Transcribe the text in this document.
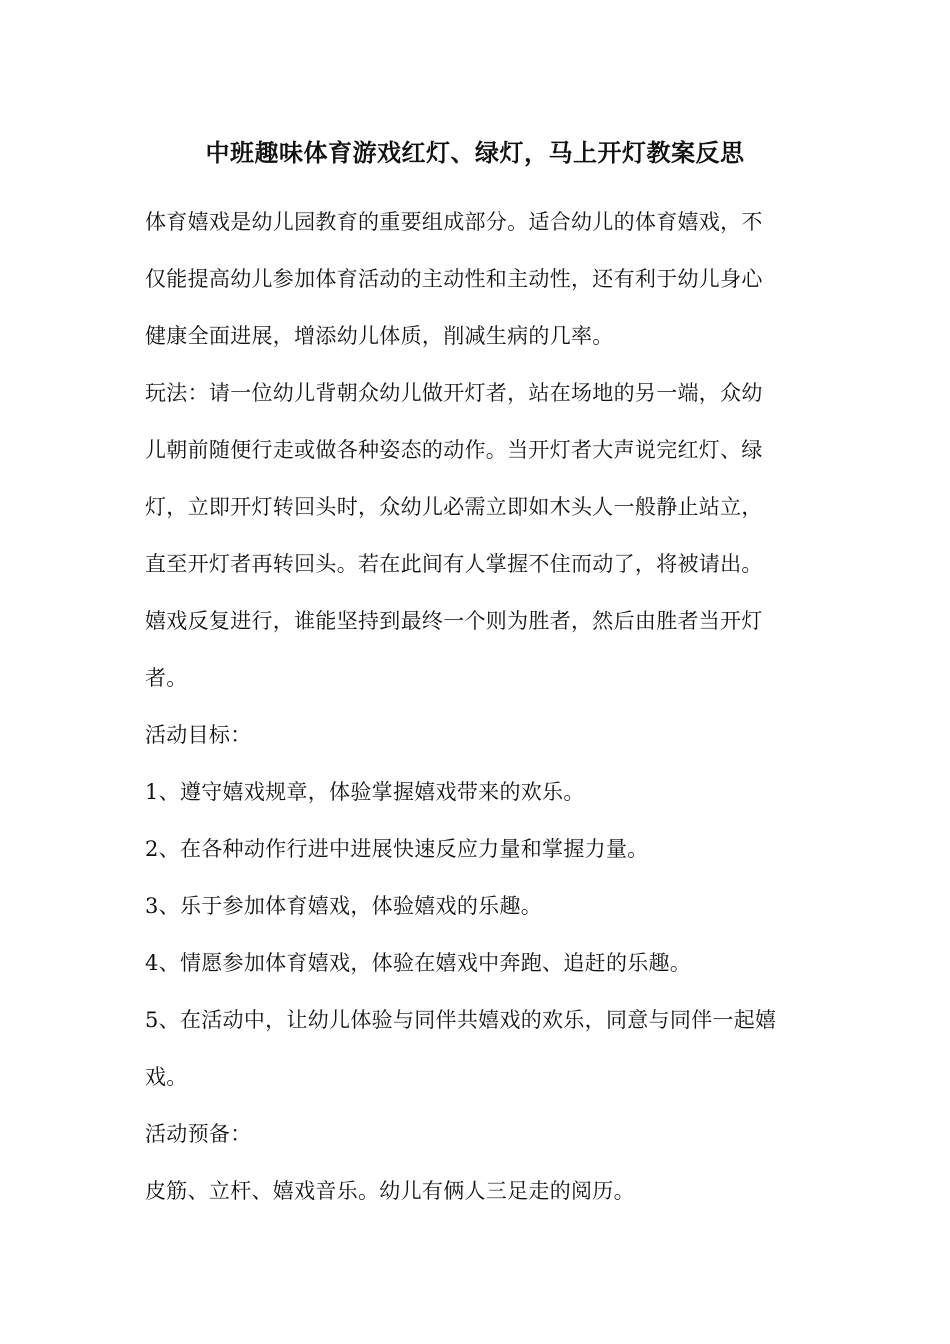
中班趣味体育游戏红灯、绿灯，马上开灯教案反思
体育嬉戏是幼儿园教育的重要组成部分。适合幼儿的体育嬉戏，不
仅能提高幼儿参加体育活动的主动性和主动性，还有利于幼儿身心
健康全面进展，增添幼儿体质，削减生病的几率。
玩法：请一位幼儿背朝众幼儿做开灯者，站在场地的另一端，众幼
儿朝前随便行走或做各种姿态的动作。当开灯者大声说完红灯、绿
灯，立即开灯转回头时，众幼儿必需立即如木头人一般静止站立，
直至开灯者再转回头。若在此间有人掌握不住而动了，将被请出。
嬉戏反复进行，谁能坚持到最终一个则为胜者，然后由胜者当开灯
者。
活动目标：
1、遵守嬉戏规章，体验掌握嬉戏带来的欢乐。
2、在各种动作行进中进展快速反应力量和掌握力量。
3、乐于参加体育嬉戏，体验嬉戏的乐趣。
4、情愿参加体育嬉戏，体验在嬉戏中奔跑、追赶的乐趣。
5、在活动中，让幼儿体验与同伴共嬉戏的欢乐，同意与同伴一起嬉
戏。
活动预备：
皮筋、立杆、嬉戏音乐。幼儿有俩人三足走的阅历。
